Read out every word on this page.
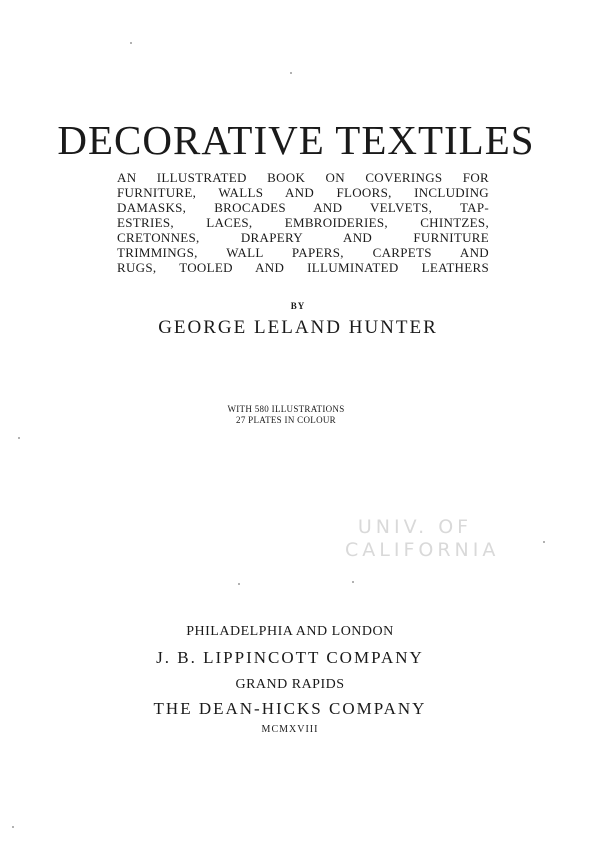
DECORATIVE TEXTILES
AN ILLUSTRATED BOOK ON COVERINGS FOR
FURNITURE, WALLS AND FLOORS, INCLUDING
DAMASKS, BROCADES AND VELVETS, TAP-
ESTRIES, LACES, EMBROIDERIES, CHINTZES,
CRETONNES, DRAPERY AND FURNITURE
TRIMMINGS, WALL PAPERS, CARPETS AND
RUGS, TOOLED AND ILLUMINATED LEATHERS
BY
GEORGE LELAND HUNTER
WITH 580 ILLUSTRATIONS
27 PLATES IN COLOUR
UNIV. OF
CALIFORNIA
PHILADELPHIA AND LONDON
J. B. LIPPINCOTT COMPANY
GRAND RAPIDS
THE DEAN-HICKS COMPANY
MCMXVIII
